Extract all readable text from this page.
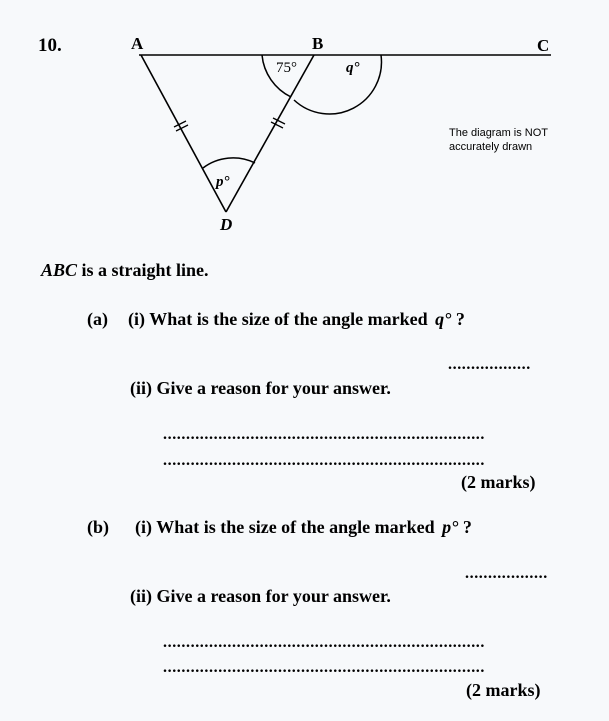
10.	A	B	C
D
75°	q°
p°
The diagram is NOT accurately drawn
ABC is a straight line.
(a) (i) What is the size of the angle marked q° ?
..................
(ii) Give a reason for your answer.
......................................................................
......................................................................
(2 marks)
(b) (i) What is the size of the angle marked p° ?
..................
(ii) Give a reason for your answer.
......................................................................
......................................................................
(2 marks)
